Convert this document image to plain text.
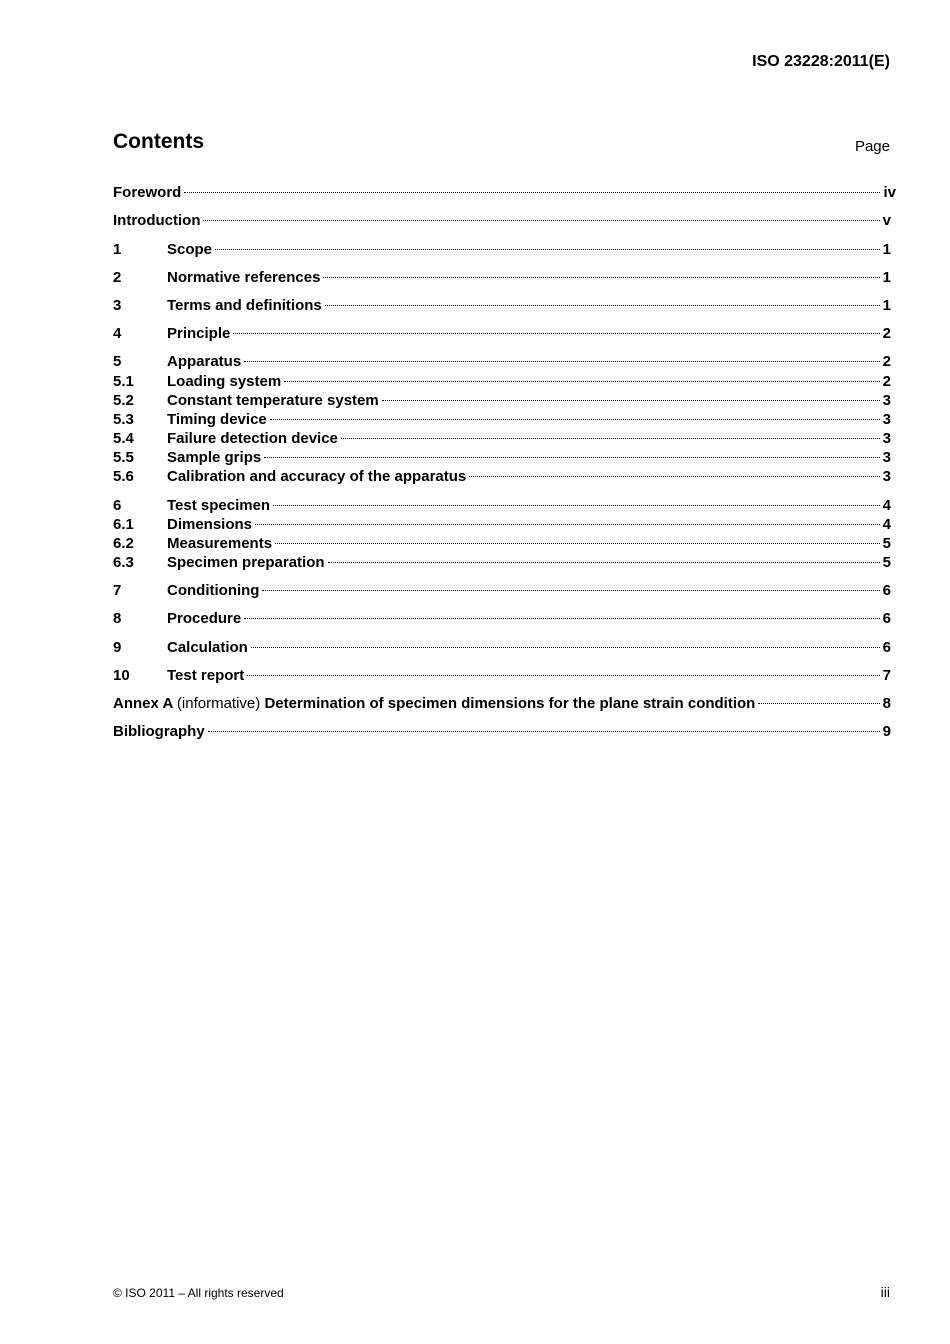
ISO 23228:2011(E)
Contents	Page
Foreword	iv
Introduction	v
1	Scope	1
2	Normative references	1
3	Terms and definitions	1
4	Principle	2
5	Apparatus	2
5.1	Loading system	2
5.2	Constant temperature system	3
5.3	Timing device	3
5.4	Failure detection device	3
5.5	Sample grips	3
5.6	Calibration and accuracy of the apparatus	3
6	Test specimen	4
6.1	Dimensions	4
6.2	Measurements	5
6.3	Specimen preparation	5
7	Conditioning	6
8	Procedure	6
9	Calculation	6
10	Test report	7
Annex A (informative) Determination of specimen dimensions for the plane strain condition	8
Bibliography	9
© ISO 2011 – All rights reserved	iii
